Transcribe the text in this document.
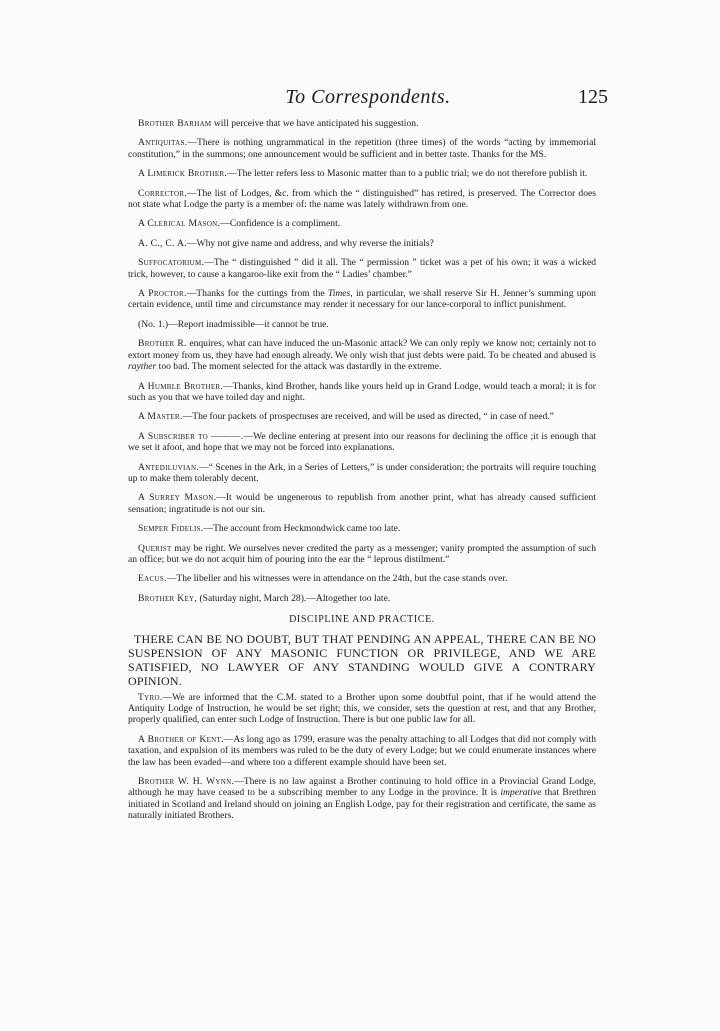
To Correspondents.	125

Brother Barham will perceive that we have anticipated his suggestion.

Antiquitas.—There is nothing ungrammatical in the repetition (three times) of the words “acting by immemorial constitution,” in the summons; one announcement would be sufficient and in better taste. Thanks for the MS.

A Limerick Brother.—The letter refers less to Masonic matter than to a public trial; we do not therefore publish it.

Corrector.—The list of Lodges, &c. from which the “ distinguished” has retired, is preserved. The Corrector does not state what Lodge the party is a member of: the name was lately withdrawn from one.

A Clerical Mason.—Confidence is a compliment.

A. C., C. A.—Why not give name and address, and why reverse the initials?

Suffocatorium.—The “ distinguished ” did it all. The “ permission ” ticket was a pet of his own; it was a wicked trick, however, to cause a kangaroo-like exit from the “ Ladies’ chamber.”

A Proctor.—Thanks for the cuttings from the Times, in particular, we shall reserve Sir H. Jenner’s summing upon certain evidence, until time and circumstance may render it necessary for our lance-corporal to inflict punishment.

(No. 1.)—Report inadmissible—it cannot be true.

Brother R. enquires, what can have induced the un-Masonic attack? We can only reply we know not; certainly not to extort money from us, they have had enough already. We only wish that just debts were paid. To be cheated and abused is rayther too bad. The moment selected for the attack was dastardly in the extreme.

A Humble Brother.—Thanks, kind Brother, hands like yours held up in Grand Lodge, would teach a moral; it is for such as you that we have toiled day and night.

A Master.—The four packets of prospectuses are received, and will be used as directed, “ in case of need.”

A Subscriber to ———.—We decline entering at present into our reasons for declining the office ;it is enough that we set it afoot, and hope that we may not be forced into explanations.

Antediluvian.—“ Scenes in the Ark, in a Series of Letters,” is under consideration; the portraits will require touching up to make them tolerably decent.

A Surrey Mason.—It would be ungenerous to republish from another print, what has already caused sufficient sensation; ingratitude is not our sin.

Semper Fidelis.—The account from Heckmondwick came too late.

Querist may be right. We ourselves never credited the party as a messenger; vanity prompted the assumption of such an office; but we do not acquit him of pouring into the ear the “ leprous distilment.”

Eacus.—The libeller and his witnesses were in attendance on the 24th, but the case stands over.

Brother Key, (Saturday night, March 28).—Altogether too late.

DISCIPLINE AND PRACTICE.
THERE CAN BE NO DOUBT, BUT THAT PENDING AN APPEAL, THERE CAN BE NO SUSPENSION OF ANY MASONIC FUNCTION OR PRIVILEGE, AND WE ARE SATISFIED, NO LAWYER OF ANY STANDING WOULD GIVE A CONTRARY OPINION.

Tyro.—We are informed that the C.M. stated to a Brother upon some doubtful point, that if he would attend the Antiquity Lodge of Instruction, he would be set right; this, we consider, sets the question at rest, and that any Brother, properly qualified, can enter such Lodge of Instruction. There is but one public law for all.

A Brother of Kent.—As long ago as 1799, erasure was the penalty attaching to all Lodges that did not comply with taxation, and expulsion of its members was ruled to be the duty of every Lodge; but we could enumerate instances where the law has been evaded—and where too a different example should have been set.

Brother W. H. Wynn.—There is no law against a Brother continuing to hold office in a Provincial Grand Lodge, although he may have ceased to be a subscribing member to any Lodge in the province. It is imperative that Brethren initiated in Scotland and Ireland should on joining an English Lodge, pay for their registration and certificate, the same as naturally initiated Brothers.
